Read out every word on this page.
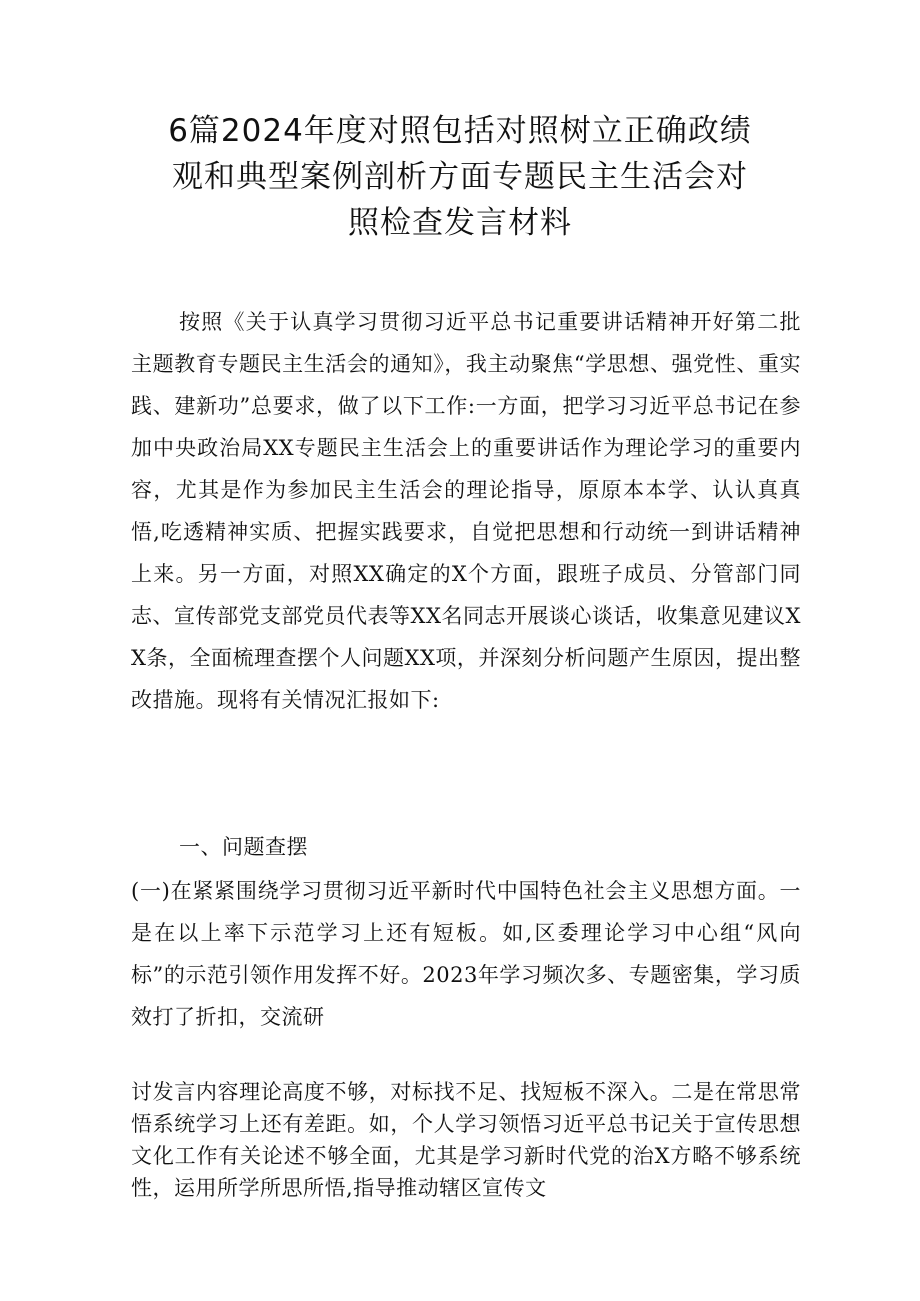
6篇2024年度对照包括对照树立正确政绩
观和典型案例剖析方面专题民主生活会对
照检查发言材料

按照《关于认真学习贯彻习近平总书记重要讲话精神开好第二批主题教育专题民主生活会的通知》，我主动聚焦“学思想、强党性、重实践、建新功”总要求，做了以下工作:一方面，把学习习近平总书记在参加中央政治局XX专题民主生活会上的重要讲话作为理论学习的重要内容，尤其是作为参加民主生活会的理论指导，原原本本学、认认真真悟,吃透精神实质、把握实践要求，自觉把思想和行动统一到讲话精神上来。另一方面，对照XX确定的X个方面，跟班子成员、分管部门同志、宣传部党支部党员代表等XX名同志开展谈心谈话，收集意见建议XX条，全面梳理查摆个人问题XX项，并深刻分析问题产生原因，提出整改措施。现将有关情况汇报如下:

一、问题查摆

(一)在紧紧围绕学习贯彻习近平新时代中国特色社会主义思想方面。一是在以上率下示范学习上还有短板。如,区委理论学习中心组“风向标”的示范引领作用发挥不好。2023年学习频次多、专题密集，学习质效打了折扣，交流研

讨发言内容理论高度不够，对标找不足、找短板不深入。二是在常思常悟系统学习上还有差距。如，个人学习领悟习近平总书记关于宣传思想文化工作有关论述不够全面，尤其是学习新时代党的治X方略不够系统性，运用所学所思所悟,指导推动辖区宣传文
